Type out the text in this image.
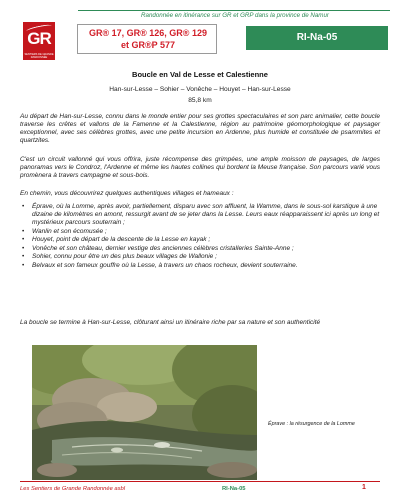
Randonnée en itinérance sur GR et GRP dans la province de Namur
GR
SENTIERS DE GRANDE RANDONNÉE
GR® 17, GR® 126, GR® 129
et GR®P 577
RI-Na-05
Boucle en Val de Lesse et Calestienne
Han-sur-Lesse – Sohier – Vonêche – Houyet – Han-sur-Lesse
85,8 km

Au départ de Han-sur-Lesse, connu dans le monde entier pour ses grottes spectaculaires et son parc animalier, cette boucle traverse les crêtes et vallons de la Famenne et la Calestienne, région au patrimoine géomorphologique et paysager exceptionnel, avec ses célèbres grottes, avec une petite incursion en Ardenne, plus humide et constituée de psammites et quartzites.

C'est un circuit vallonné qui vous offrira, juste récompense des grimpées, une ample moisson de paysages, de larges panoramas vers le Condroz, l'Ardenne et même les hautes collines qui bordent la Meuse française. Son parcours varié vous promènera à travers campagne et sous-bois.

En chemin, vous découvrirez quelques authentiques villages et hameaux :

• Éprave, où la Lomme, après avoir, partiellement, disparu avec son affluent, la Wamme, dans le sous-sol karstique à une dizaine de kilomètres en amont, ressurgit avant de se jeter dans la Lesse. Leurs eaux réapparaissent ici après un long et mystérieux parcours souterrain ;
• Wanlin et son écomusée ;
• Houyet, point de départ de la descente de la Lesse en kayak ;
• Vonêche et son château, dernier vestige des anciennes célèbres cristalleries Sainte-Anne ;
• Sohier, connu pour être un des plus beaux villages de Wallonie ;
• Belvaux et son fameux gouffre où la Lesse, à travers un chaos rocheux, devient souterraine.

La boucle se termine à Han-sur-Lesse, clôturant ainsi un itinéraire riche par sa nature et son authenticité

Éprave : la résurgence de la Lomme
Les Sentiers de Grande Randonnée asbl	RI-Na-05	1
